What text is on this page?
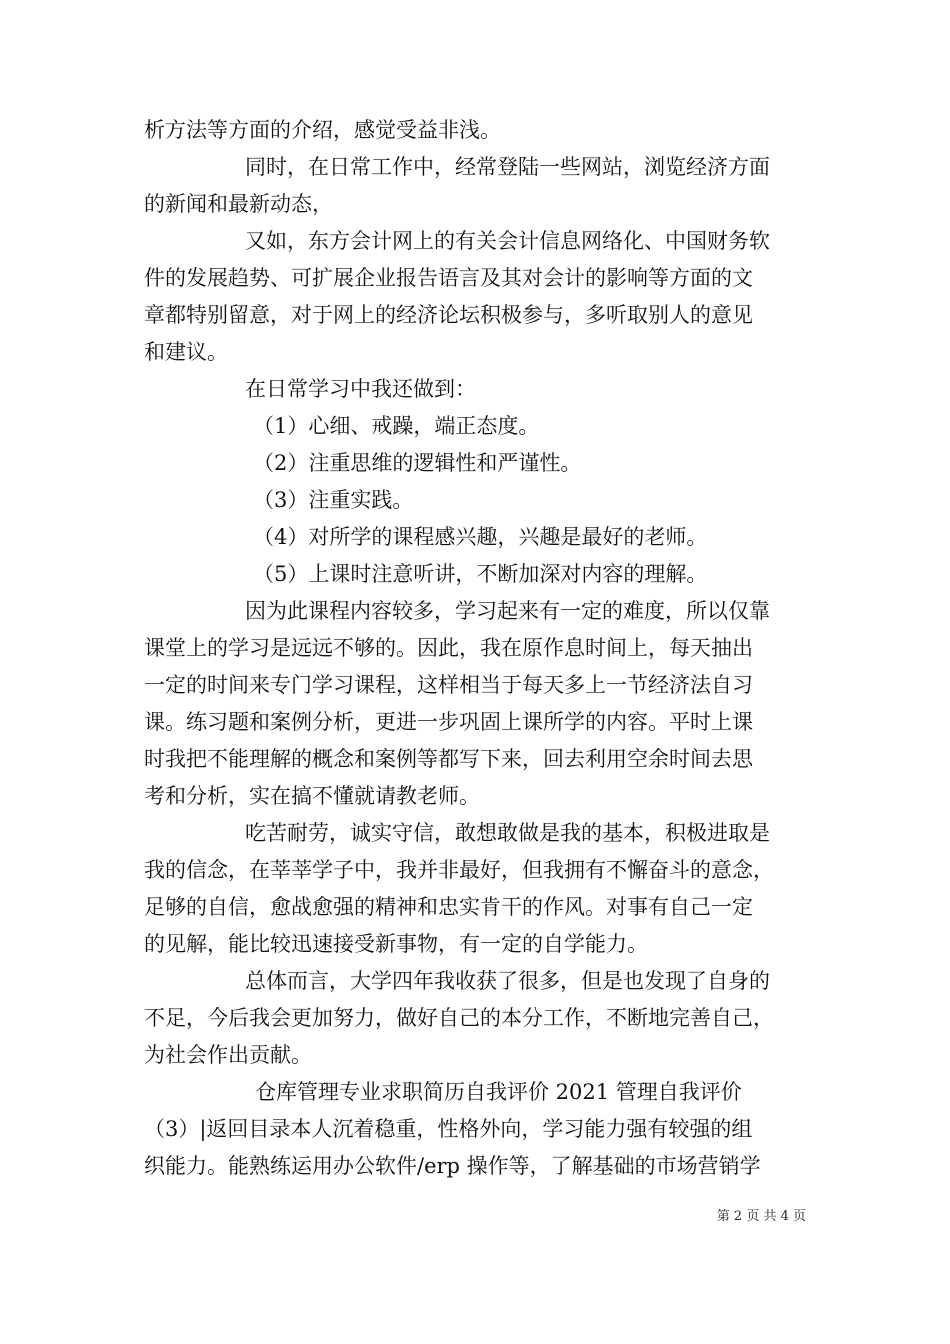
析方法等方面的介绍，感觉受益非浅。
同时，在日常工作中，经常登陆一些网站，浏览经济方面
的新闻和最新动态，
又如，东方会计网上的有关会计信息网络化、中国财务软
件的发展趋势、可扩展企业报告语言及其对会计的影响等方面的文
章都特别留意，对于网上的经济论坛积极参与，多听取别人的意见
和建议。
在日常学习中我还做到：
（1）心细、戒躁，端正态度。
（2）注重思维的逻辑性和严谨性。
（3）注重实践。
（4）对所学的课程感兴趣，兴趣是最好的老师。
（5）上课时注意听讲，不断加深对内容的理解。
因为此课程内容较多，学习起来有一定的难度，所以仅靠
课堂上的学习是远远不够的。因此，我在原作息时间上，每天抽出
一定的时间来专门学习课程，这样相当于每天多上一节经济法自习
课。练习题和案例分析，更进一步巩固上课所学的内容。平时上课
时我把不能理解的概念和案例等都写下来，回去利用空余时间去思
考和分析，实在搞不懂就请教老师。
吃苦耐劳，诚实守信，敢想敢做是我的基本，积极进取是
我的信念，在莘莘学子中，我并非最好，但我拥有不懈奋斗的意念，
足够的自信，愈战愈强的精神和忠实肯干的作风。对事有自己一定
的见解，能比较迅速接受新事物，有一定的自学能力。
总体而言，大学四年我收获了很多，但是也发现了自身的
不足，今后我会更加努力，做好自己的本分工作，不断地完善自己，
为社会作出贡献。
仓库管理专业求职简历自我评价 2021 管理自我评价
（3）|返回目录本人沉着稳重，性格外向，学习能力强有较强的组
织能力。能熟练运用办公软件/erp 操作等，了解基础的市场营销学
第 2 页 共 4 页
